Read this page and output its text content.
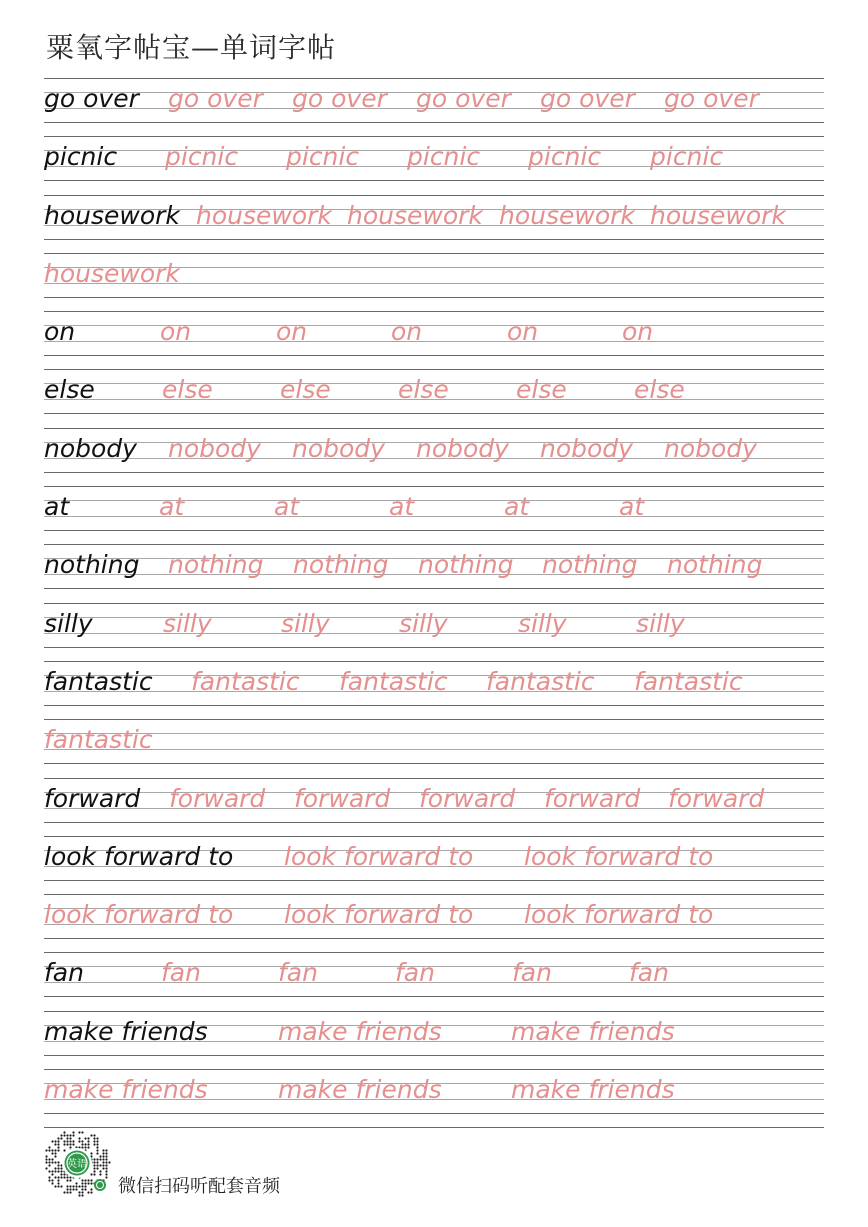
粟氧字帖宝—单词字帖
go over go over go over go over go over go over
picnic picnic picnic picnic picnic picnic
housework housework housework housework housework
housework
on	on	on	on	on	on
else	else	else	else	else	else
nobody nobody nobody nobody nobody nobody
at	at	at	at	at	at
nothing nothing nothing nothing nothing nothing
silly	silly	silly	silly	silly	silly
fantastic fantastic fantastic fantastic fantastic
fantastic
forward forward forward forward forward forward
look forward to look forward to look forward to
look forward to look forward to look forward to
fan	fan	fan	fan	fan	fan
make friends	make friends	make friends
make friends	make friends	make friends
英语
微信扫码听配套音频
